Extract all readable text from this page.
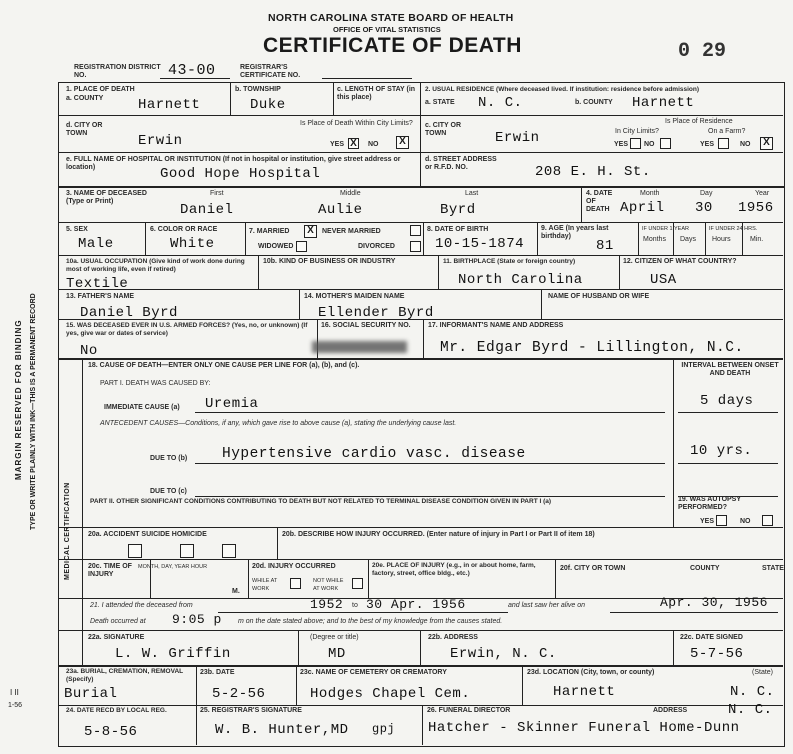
MARGIN RESERVED FOR BINDING TYPE OR WRITE PLAINLY WITH INK—THIS IS A PERMANENT RECORD
I II
1-56
NORTH CAROLINA STATE BOARD OF HEALTH
OFFICE OF VITAL STATISTICS
CERTIFICATE OF DEATH	0 29
REGISTRATION DISTRICT NO.	43-00	REGISTRAR'S CERTIFICATE NO.
1. PLACE OF DEATH
a. COUNTY Harnett
b. TOWNSHIP
Duke
c. LENGTH OF STAY (in this place)
2. USUAL RESIDENCE (Where deceased lived. If institution: residence before admission)
a. STATE N. C.	b. COUNTY Harnett
d. CITY OR TOWN	Erwin
Is Place of Death Within City Limits?
YES X	NO	X
c. CITY OR TOWN	Erwin
Is Place of Residence
In City Limits?	On a Farm?
YES NO	YES	NO	X
e. FULL NAME OF HOSPITAL OR INSTITUTION (If not in hospital or institution, give street address or location)	Good Hope Hospital
d. STREET ADDRESS or R.F.D. NO.	208 E. H. St.
3. NAME OF DECEASED (Type or Print)
First
Daniel
Middle
Aulie
Last
Byrd
4. DATE OF DEATH
Month	Day	Year
April 30 1956
5. SEX
Male
6. COLOR OR RACE
White
7. MARRIED	X	NEVER MARRIED
WIDOWED	DIVORCED
8. DATE OF BIRTH
10-15-1874
9. AGE (In years last birthday)
81
IF UNDER 1 YEAR	IF UNDER 24 HRS.
Months Days Hours	Min.
10a. USUAL OCCUPATION (Give kind of work done during most of working life, even if retired)
Textile
10b. KIND OF BUSINESS OR INDUSTRY	11. BIRTHPLACE (State or foreign country)
North Carolina
12. CITIZEN OF WHAT COUNTRY?
USA
13. FATHER'S NAME
Daniel Byrd
14. MOTHER'S MAIDEN NAME
Ellender Byrd
NAME OF HUSBAND OR WIFE
15. WAS DECEASED EVER IN U.S. ARMED FORCES? (Yes, no, or unknown) (If yes, give war or dates of service)
No
16. SOCIAL SECURITY NO. 17. INFORMANT'S NAME AND ADDRESS
Mr. Edgar Byrd - Lillington, N.C.
MEDICAL CERTIFICATION
18. CAUSE OF DEATH—ENTER ONLY ONE CAUSE PER LINE FOR (a), (b), and (c).
PART I. DEATH WAS CAUSED BY:
INTERVAL BETWEEN ONSET AND DEATH
IMMEDIATE CAUSE (a) Uremia	5 days
ANTECEDENT CAUSES—Conditions, if any, which gave rise to above cause (a), stating the underlying cause last.
DUE TO (b) Hypertensive cardio vasc. disease	10 yrs.
DUE TO (c)
PART II. OTHER SIGNIFICANT CONDITIONS CONTRIBUTING TO DEATH BUT NOT RELATED TO TERMINAL DISEASE CONDITION GIVEN IN PART I (a)	19. WAS AUTOPSY PERFORMED?
YES	NO
20a. ACCIDENT SUICIDE HOMICIDE	20b. DESCRIBE HOW INJURY OCCURRED. (Enter nature of injury in Part I or Part II of item 18)
20c. TIME OF INJURY
MONTH, DAY, YEAR HOUR
M.
20d. INJURY OCCURRED
WHILE AT WORK
NOT WHILE AT WORK
20e. PLACE OF INJURY (e.g., in or about home, farm, factory, street, office bldg., etc.)
20f. CITY OR TOWN	COUNTY	STATE
21. I attended the deceased from	1952 to 30 Apr. 1956	and last saw her alive on	Apr. 30, 1956
Death occurred at 9:05 p m on the date stated above; and to the best of my knowledge from the causes stated.
22a. SIGNATURE	(Degree or title)
L. W. Griffin	MD
22b. ADDRESS
Erwin, N. C.
22c. DATE SIGNED
5-7-56
23a. BURIAL, CREMATION, REMOVAL (Specify)
Burial
23b. DATE
5-2-56
23c. NAME OF CEMETERY OR CREMATORY
Hodges Chapel Cem.
23d. LOCATION (City, town, or county)	(State)
Harnett	N. C.
24. DATE RECD BY LOCAL REG.
5-8-56
25. REGISTRAR'S SIGNATURE
W. B. Hunter,MD gpj
26. FUNERAL DIRECTOR	ADDRESS	N. C.
Hatcher - Skinner Funeral Home-Dunn
